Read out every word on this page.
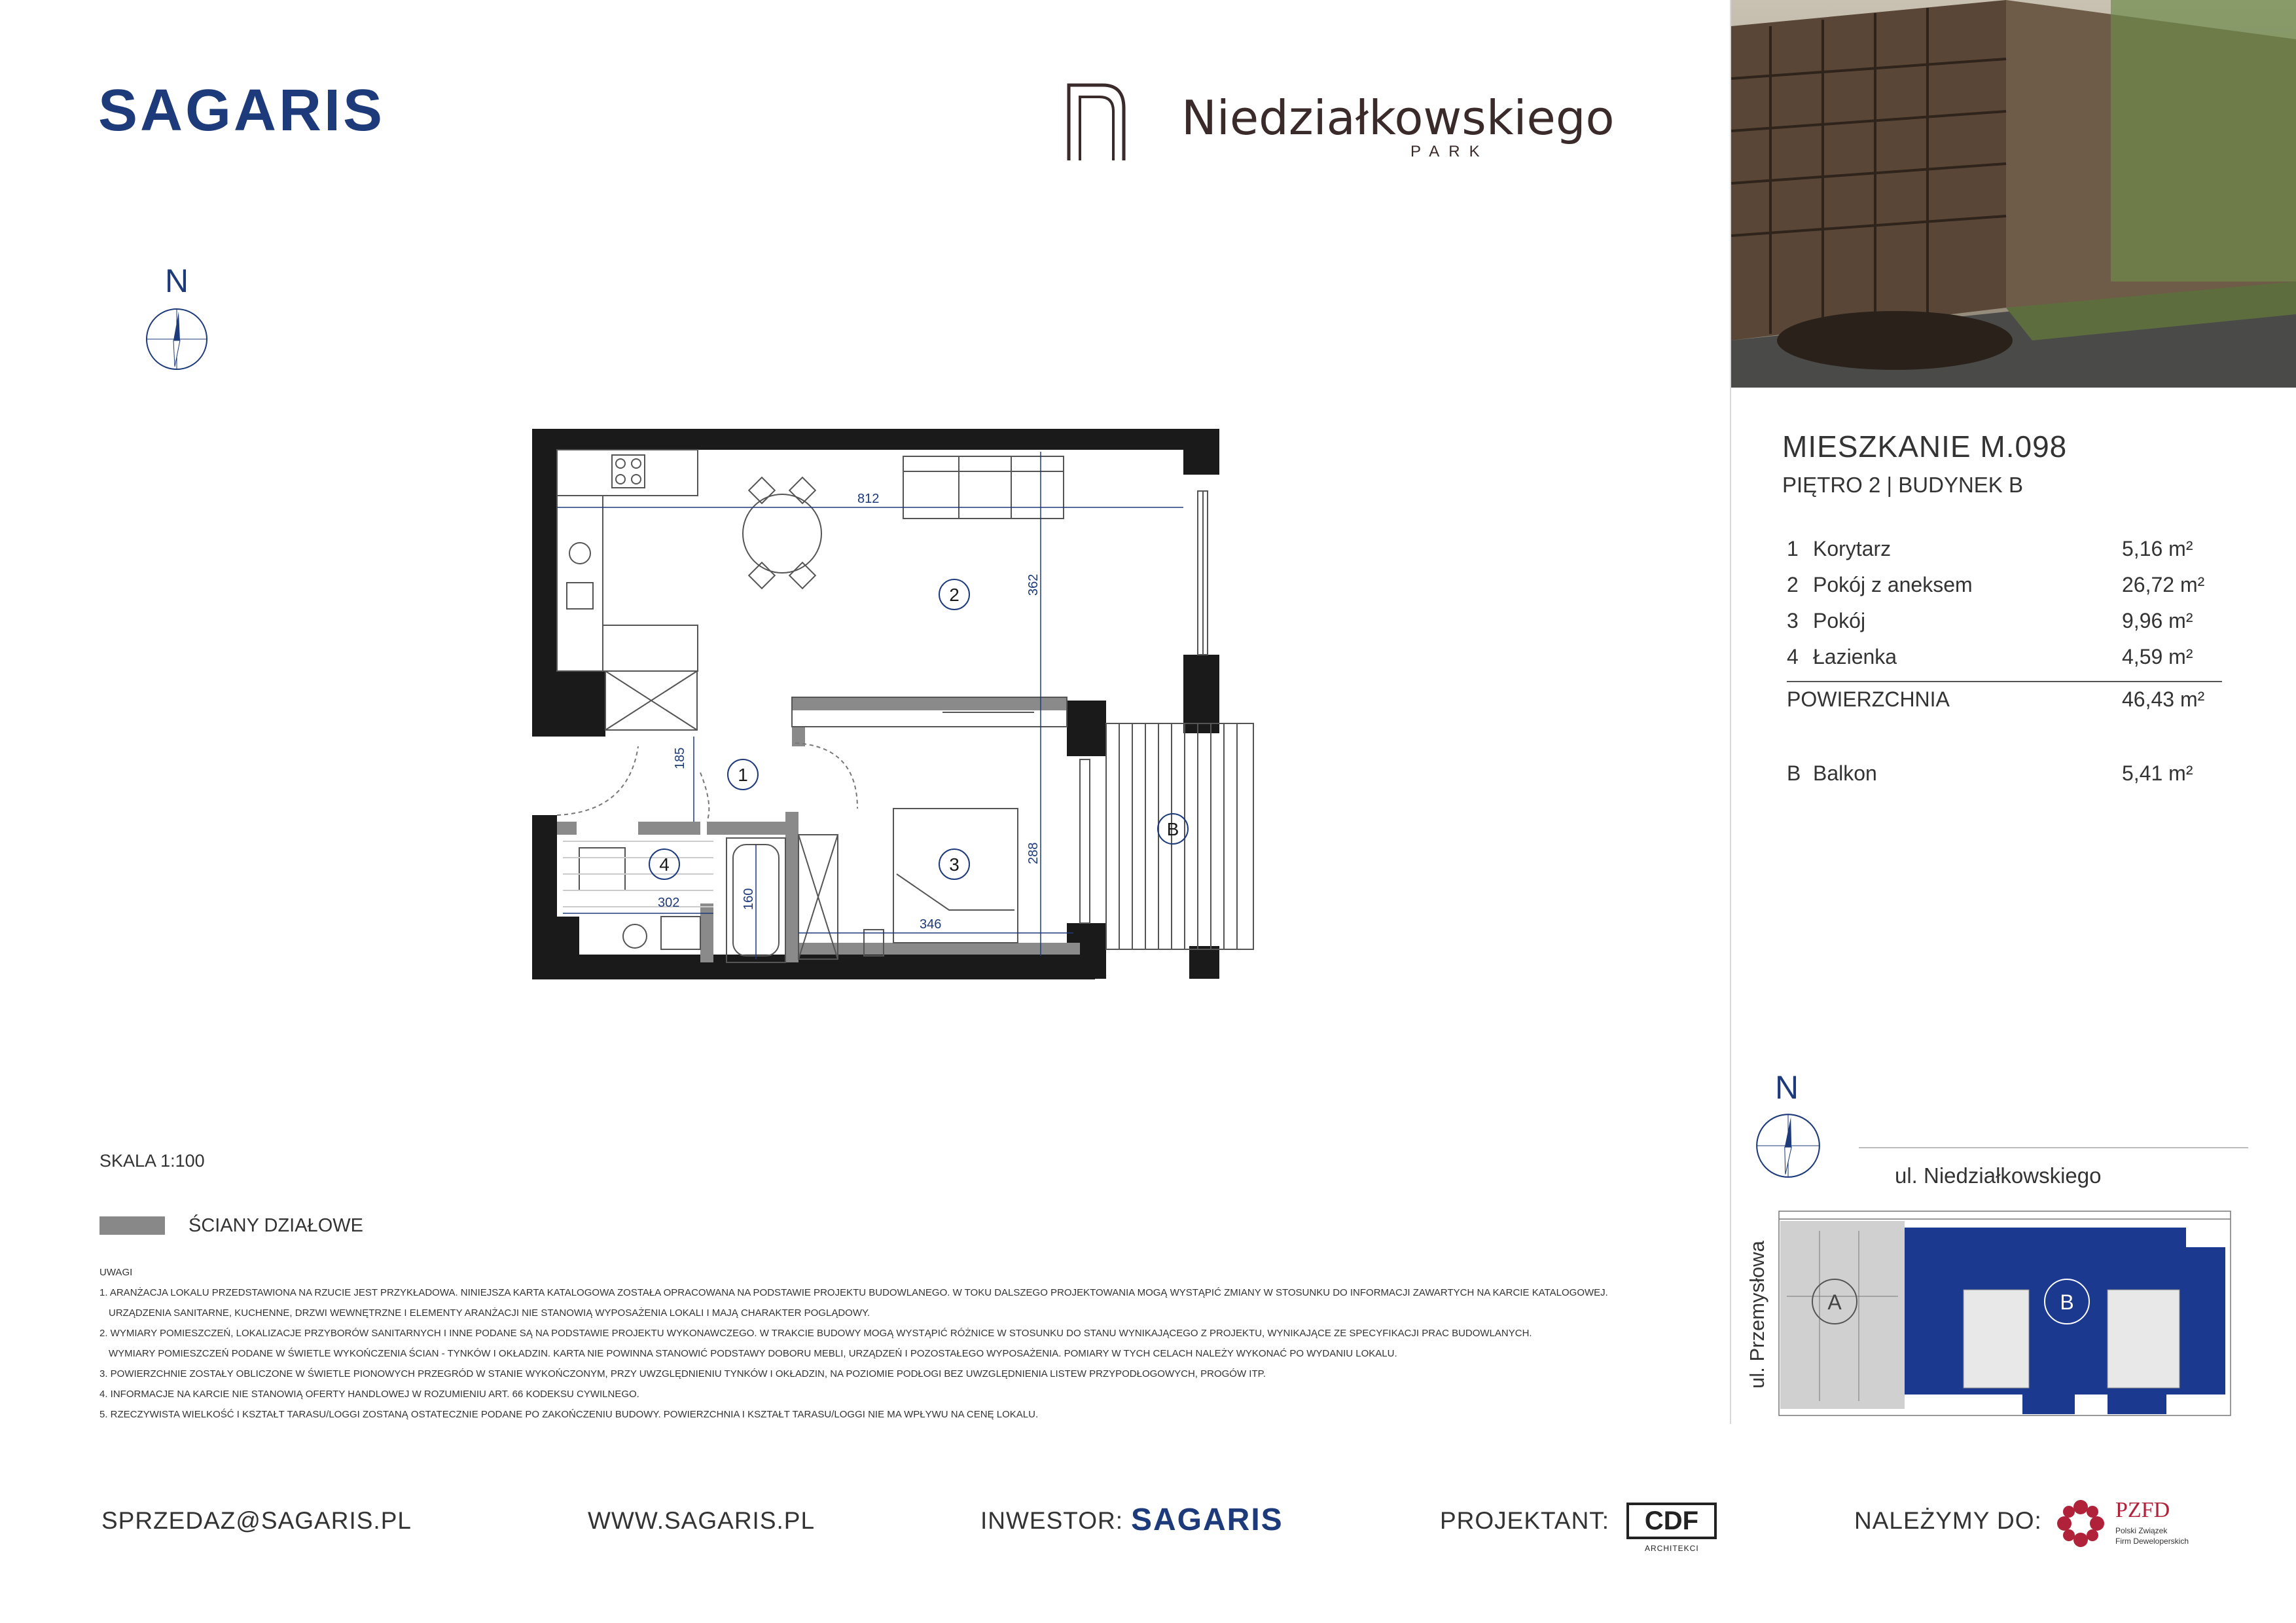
SAGARIS	Niedziałkowskiego
PARK
N
812
362
185
288
302	160
346
1
2
3
4
B
SKALA 1:100
ŚCIANY DZIAŁOWE
UWAGI
1. ARANŻACJA LOKALU PRZEDSTAWIONA NA RZUCIE JEST PRZYKŁADOWA. NINIEJSZA KARTA KATALOGOWA ZOSTAŁA OPRACOWANA NA PODSTAWIE PROJEKTU BUDOWLANEGO. W TOKU DALSZEGO PROJEKTOWANIA MOGĄ WYSTĄPIĆ ZMIANY W STOSUNKU DO INFORMACJI ZAWARTYCH NA KARCIE KATALOGOWEJ.
URZĄDZENIA SANITARNE, KUCHENNE, DRZWI WEWNĘTRZNE I ELEMENTY ARANŻACJI NIE STANOWIĄ WYPOSAŻENIA LOKALI I MAJĄ CHARAKTER POGLĄDOWY.
2. WYMIARY POMIESZCZEŃ, LOKALIZACJE PRZYBORÓW SANITARNYCH I INNE PODANE SĄ NA PODSTAWIE PROJEKTU WYKONAWCZEGO. W TRAKCIE BUDOWY MOGĄ WYSTĄPIĆ RÓŻNICE W STOSUNKU DO STANU WYNIKAJĄCEGO Z PROJEKTU, WYNIKAJĄCE ZE SPECYFIKACJI PRAC BUDOWLANYCH.
WYMIARY POMIESZCZEŃ PODANE W ŚWIETLE WYKOŃCZENIA ŚCIAN - TYNKÓW I OKŁADZIN. KARTA NIE POWINNA STANOWIĆ PODSTAWY DOBORU MEBLI, URZĄDZEŃ I POZOSTAŁEGO WYPOSAŻENIA. POMIARY W TYCH CELACH NALEŻY WYKONAĆ PO WYDANIU LOKALU.
3. POWIERZCHNIE ZOSTAŁY OBLICZONE W ŚWIETLE PIONOWYCH PRZEGRÓD W STANIE WYKOŃCZONYM, PRZY UWZGLĘDNIENIU TYNKÓW I OKŁADZIN, NA POZIOMIE PODŁOGI BEZ UWZGLĘDNIENIA LISTEW PRZYPODŁOGOWYCH, PROGÓW ITP.
4. INFORMACJE NA KARCIE NIE STANOWIĄ OFERTY HANDLOWEJ W ROZUMIENIU ART. 66 KODEKSU CYWILNEGO.
5. RZECZYWISTA WIELKOŚĆ I KSZTAŁT TARASU/LOGGI ZOSTANĄ OSTATECZNIE PODANE PO ZAKOŃCZENIU BUDOWY. POWIERZCHNIA I KSZTAŁT TARASU/LOGGI NIE MA WPŁYWU NA CENĘ LOKALU.
MIESZKANIE M.098
PIĘTRO 2 | BUDYNEK B
1 Korytarz	5,16 m²
2 Pokój z aneksem	26,72 m²
3 Pokój	9,96 m²
4 Łazienka	4,59 m²
POWIERZCHNIA	46,43 m²
B Balkon	5,41 m²
N
ul. Niedziałkowskiego
ul. Przemysłowa	A	B
SPRZEDAZ@SAGARIS.PL	WWW.SAGARIS.PL	INWESTOR: SAGARIS	PROJEKTANT:	CDF
ARCHITEKCI
NALEŻYMY DO:	PZFD
Polski Związek
Firm Deweloperskich
